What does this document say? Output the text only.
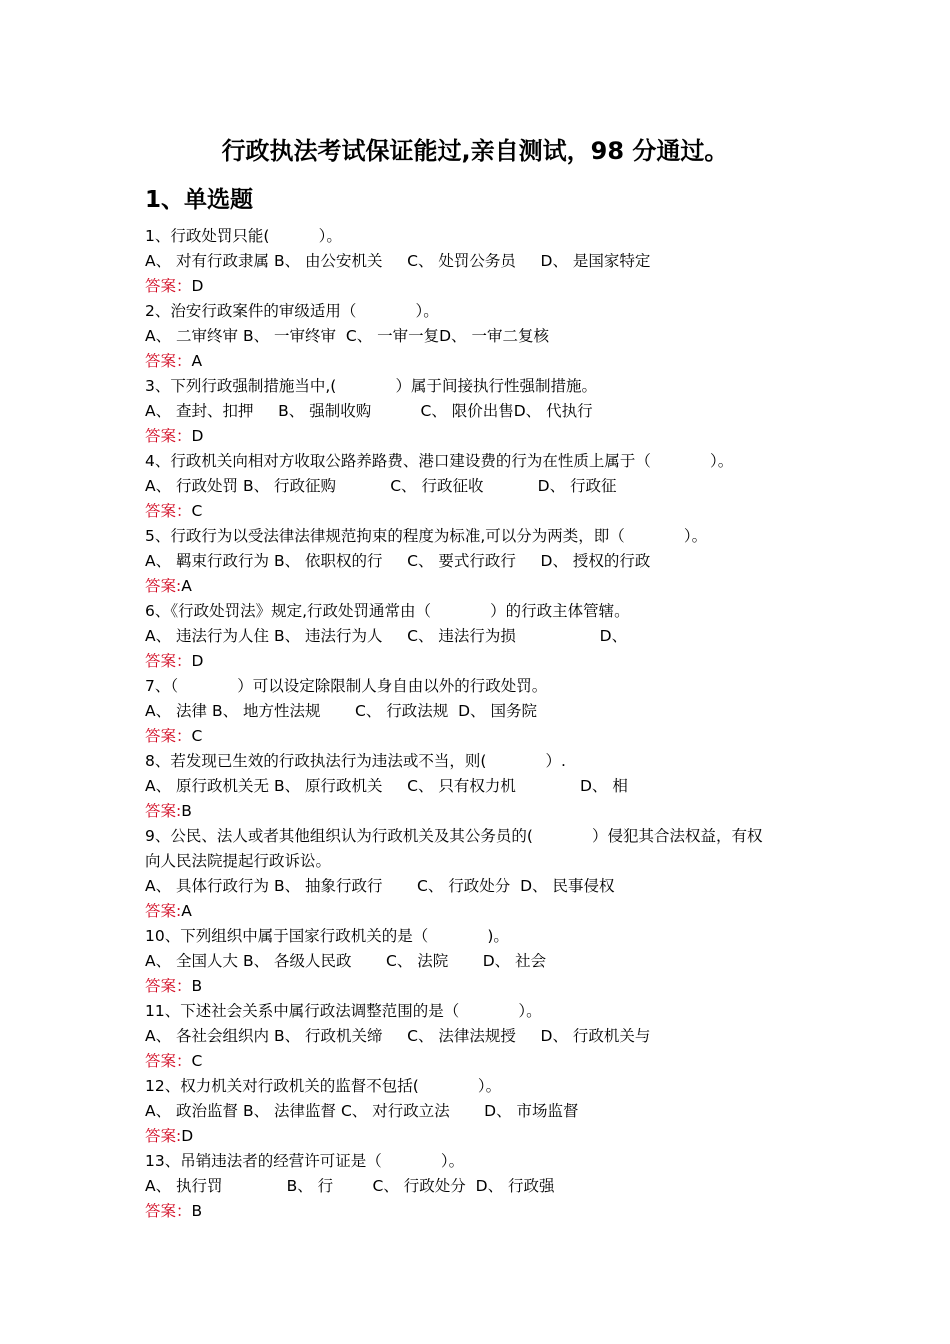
行政执法考试保证能过,亲自测试，98 分通过。
1、单选题
1、行政处罚只能(          ）。
A、 对有行政隶属 B、 由公安机关     C、 处罚公务员     D、 是国家特定
答案：D
2、治安行政案件的审级适用（            ）。
A、 二审终审 B、 一审终审  C、 一审一复D、 一审二复核
答案：A
3、下列行政强制措施当中,(            ）属于间接执行性强制措施。
A、 查封、扣押     B、 强制收购          C、 限价出售D、 代执行
答案：D
4、行政机关向相对方收取公路养路费、港口建设费的行为在性质上属于（            ）。
A、 行政处罚 B、 行政征购           C、 行政征收           D、 行政征
答案：C
5、行政行为以受法律法律规范拘束的程度为标准,可以分为两类，即（            ）。
A、 羁束行政行为 B、 依职权的行     C、 要式行政行     D、 授权的行政
答案:A
6、《行政处罚法》规定,行政处罚通常由（            ）的行政主体管辖。
A、 违法行为人住 B、 违法行为人     C、 违法行为损                 D、
答案：D
7、（            ）可以设定除限制人身自由以外的行政处罚。
A、 法律 B、 地方性法规       C、 行政法规  D、 国务院
答案：C
8、若发现已生效的行政执法行为违法或不当，则(            ）.
A、 原行政机关无 B、 原行政机关     C、 只有权力机             D、 相
答案:B
9、公民、法人或者其他组织认为行政机关及其公务员的(            ）侵犯其合法权益，有权
向人民法院提起行政诉讼。
A、 具体行政行为 B、 抽象行政行       C、 行政处分  D、 民事侵权
答案:A
10、下列组织中属于国家行政机关的是（            )。
A、 全国人大 B、 各级人民政       C、 法院       D、 社会
答案：B
11、下述社会关系中属行政法调整范围的是（            ）。
A、 各社会组织内 B、 行政机关缔     C、 法律法规授     D、 行政机关与
答案：C
12、权力机关对行政机关的监督不包括(            ）。
A、 政治监督 B、 法律监督 C、 对行政立法       D、 市场监督
答案:D
13、吊销违法者的经营许可证是（            ）。
A、 执行罚             B、 行        C、 行政处分  D、 行政强
答案：B
